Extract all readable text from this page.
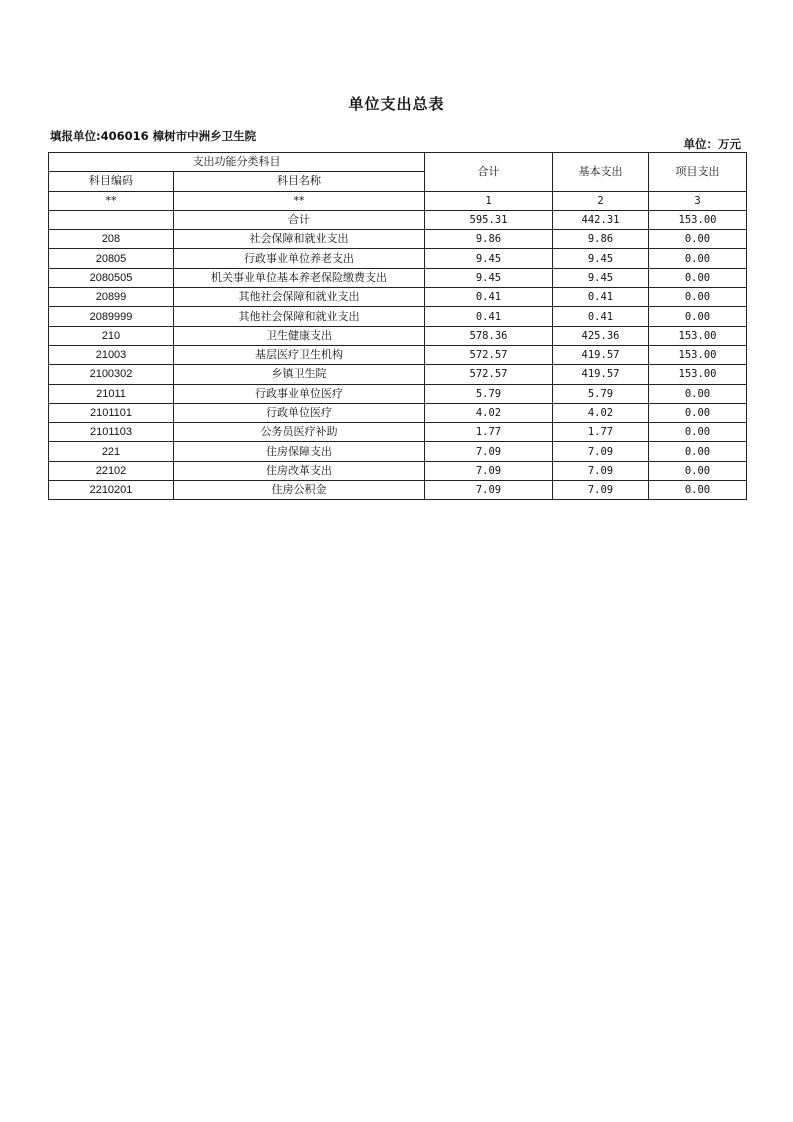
单位支出总表
填报单位:406016 樟树市中洲乡卫生院
单位：万元
支出功能分类科目		合计	基本支出	项目支出
科目编码	科目名称			
**	**	1	2	3
	合计	595.31	442.31	153.00
208	社会保障和就业支出	9.86	9.86	0.00
20805	行政事业单位养老支出	9.45	9.45	0.00
2080505	机关事业单位基本养老保险缴费支出	9.45	9.45	0.00
20899	其他社会保障和就业支出	0.41	0.41	0.00
2089999	其他社会保障和就业支出	0.41	0.41	0.00
210	卫生健康支出	578.36	425.36	153.00
21003	基层医疗卫生机构	572.57	419.57	153.00
2100302	乡镇卫生院	572.57	419.57	153.00
21011	行政事业单位医疗	5.79	5.79	0.00
2101101	行政单位医疗	4.02	4.02	0.00
2101103	公务员医疗补助	1.77	1.77	0.00
221	住房保障支出	7.09	7.09	0.00
22102	住房改革支出	7.09	7.09	0.00
2210201	住房公积金	7.09	7.09	0.00
